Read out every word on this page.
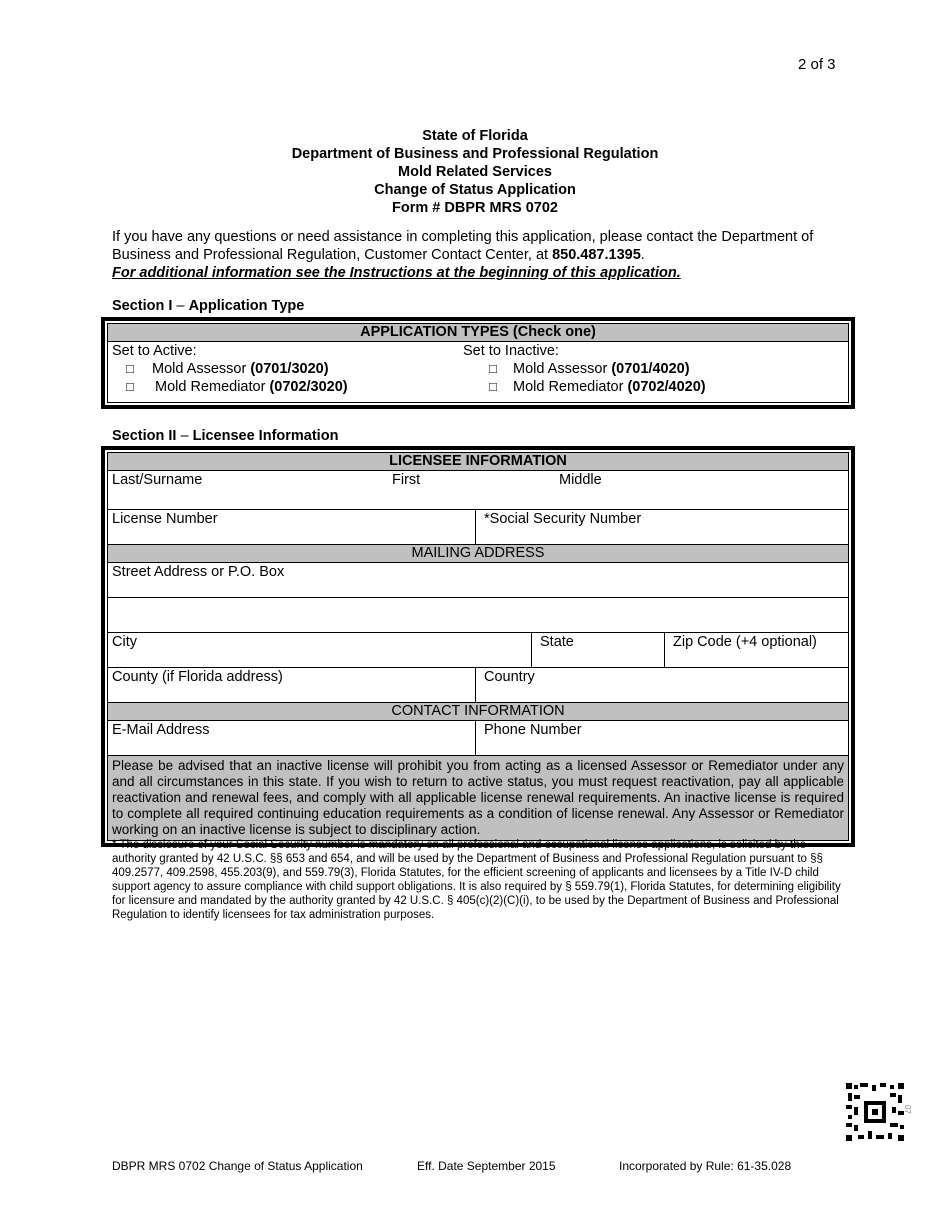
2 of 3
State of Florida
Department of Business and Professional Regulation
Mold Related Services
Change of Status Application
Form # DBPR MRS 0702
If you have any questions or need assistance in completing this application, please contact the Department of Business and Professional Regulation, Customer Contact Center, at 850.487.1395.
For additional information see the Instructions at the beginning of this application.
Section I – Application Type
APPLICATION TYPES (Check one)
Set to Active:
□ Mold Assessor (0701/3020)
□ Mold Remediator (0702/3020)
Set to Inactive:
□ Mold Assessor (0701/4020)
□ Mold Remediator (0702/4020)
Section II – Licensee Information
LICENSEE INFORMATION
Last/Surname	First	Middle
License Number	*Social Security Number
MAILING ADDRESS
Street Address or P.O. Box
City	State	Zip Code (+4 optional)
County (if Florida address)	Country
CONTACT INFORMATION
E-Mail Address	Phone Number
Please be advised that an inactive license will prohibit you from acting as a licensed Assessor or Remediator under any and all circumstances in this state. If you wish to return to active status, you must request reactivation, pay all applicable reactivation and renewal fees, and comply with all applicable license renewal requirements. An inactive license is required to complete all required continuing education requirements as a condition of license renewal. Any Assessor or Remediator working on an inactive license is subject to disciplinary action.
* The disclosure of your Social Security number is mandatory on all professional and occupational license applications, is solicited by the authority granted by 42 U.S.C. §§ 653 and 654, and will be used by the Department of Business and Professional Regulation pursuant to §§ 409.2577, 409.2598, 455.203(9), and 559.79(3), Florida Statutes, for the efficient screening of applicants and licensees by a Title IV-D child support agency to assure compliance with child support obligations. It is also required by § 559.79(1), Florida Statutes, for determining eligibility for licensure and mandated by the authority granted by 42 U.S.C. § 405(c)(2)(C)(i), to be used by the Department of Business and Professional Regulation to identify licensees for tax administration purposes.
07
DBPR MRS 0702 Change of Status Application	Eff. Date September 2015	Incorporated by Rule: 61-35.028
